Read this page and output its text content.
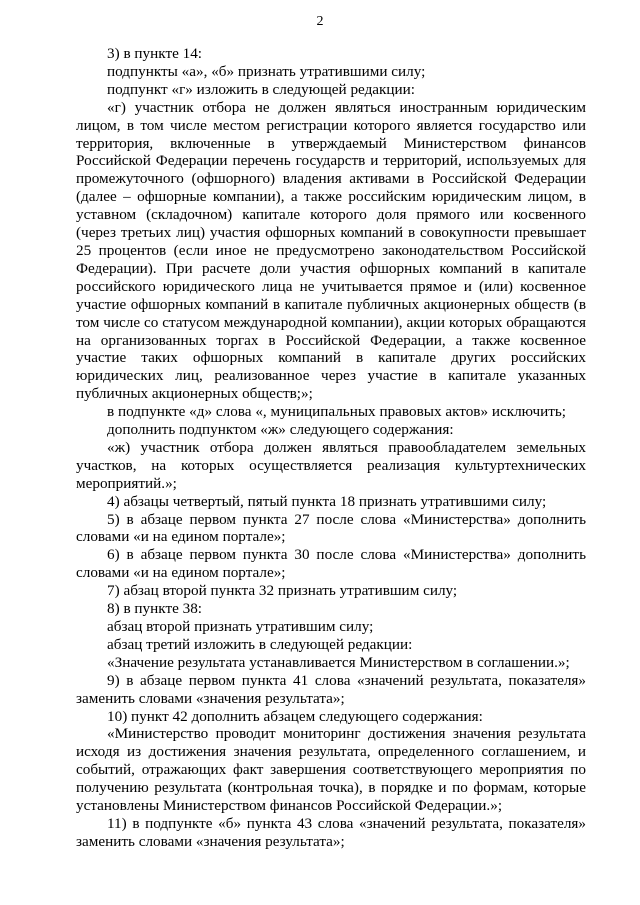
2

3) в пункте 14:

подпункты «а», «б» признать утратившими силу;

подпункт «г» изложить в следующей редакции:

«г) участник отбора не должен являться иностранным юридическим лицом, в том числе местом регистрации которого является государство или территория, включенные в утверждаемый Министерством финансов Российской Федерации перечень государств и территорий, используемых для промежуточного (офшорного) владения активами в Российской Федерации (далее – офшорные компании), а также российским юридическим лицом, в уставном (складочном) капитале которого доля прямого или косвенного (через третьих лиц) участия офшорных компаний в совокупности превышает 25 процентов (если иное не предусмотрено законодательством Российской Федерации). При расчете доли участия офшорных компаний в капитале российского юридического лица не учитывается прямое и (или) косвенное участие офшорных компаний в капитале публичных акционерных обществ (в том числе со статусом международной компании), акции которых обращаются на организованных торгах в Российской Федерации, а также косвенное участие таких офшорных компаний в капитале других российских юридических лиц, реализованное через участие в капитале указанных публичных акционерных обществ;»;

в подпункте «д» слова «, муниципальных правовых актов» исключить;

дополнить подпунктом «ж» следующего содержания:

«ж) участник отбора должен являться правообладателем земельных участков, на которых осуществляется реализация культуртехнических мероприятий.»;

4) абзацы четвертый, пятый пункта 18 признать утратившими силу;

5) в абзаце первом пункта 27 после слова «Министерства» дополнить словами «и на едином портале»;

6) в абзаце первом пункта 30 после слова «Министерства» дополнить словами «и на едином портале»;

7) абзац второй пункта 32 признать утратившим силу;

8) в пункте 38:

абзац второй признать утратившим силу;

абзац третий изложить в следующей редакции:

«Значение результата устанавливается Министерством в соглашении.»;

9) в абзаце первом пункта 41 слова «значений результата, показателя» заменить словами «значения результата»;

10) пункт 42 дополнить абзацем следующего содержания:

«Министерство проводит мониторинг достижения значения результата исходя из достижения значения результата, определенного соглашением, и событий, отражающих факт завершения соответствующего мероприятия по получению результата (контрольная точка), в порядке и по формам, которые установлены Министерством финансов Российской Федерации.»;

11) в подпункте «б» пункта 43 слова «значений результата, показателя» заменить словами «значения результата»;
